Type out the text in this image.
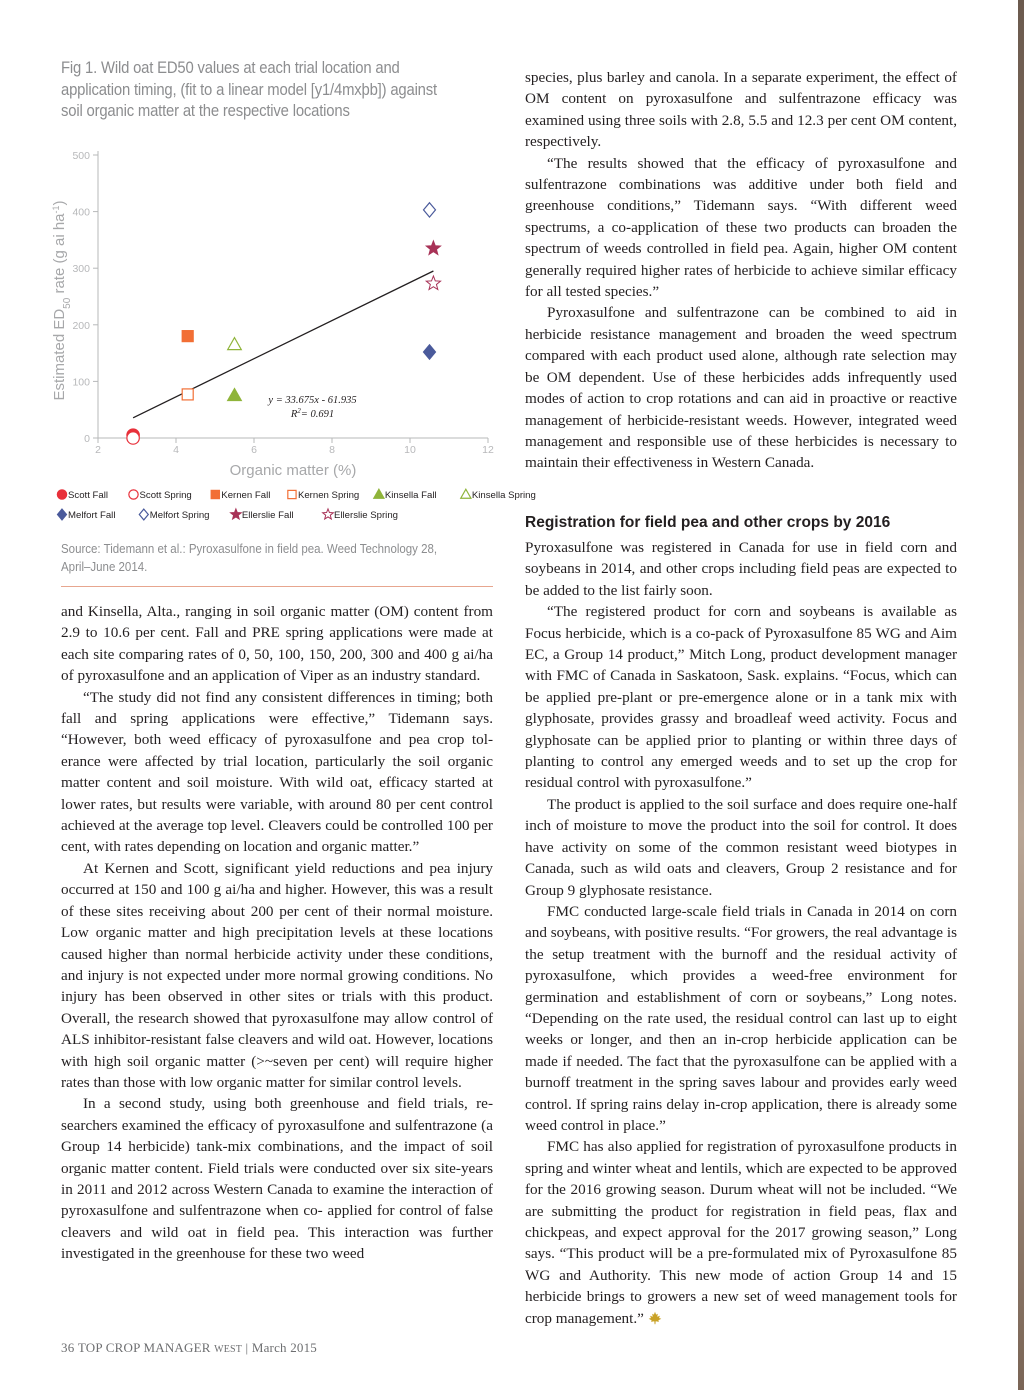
Fig 1. Wild oat ED50 values at each trial location and application timing, (fit to a linear model [y1/4mxþb]) against soil organic matter at the respective locations

0
100
200
300
400
500
2	4	6	8	10	12
Organic matter (%)
Estimated $ED_{50}$ rate (g ai $ha^{-1}$)
y = 33.675x - 61.935
$R^2= 0.691$
Scott Fall	Scott Spring	Kernen Fall	Kernen Spring	Kinsella Fall	Kinsella Spring
Melfort Fall	Melfort Spring	Ellerslie Fall	Ellerslie Spring
Source: Tidemann et al.: Pyroxasulfone in field pea. Weed Technology 28, April–June 2014.

and Kinsella, Alta., ranging in soil organic matter (OM) content from 2.9 to 10.6 per cent. Fall and PRE spring applications were made at each site comparing rates of 0, 50, 100, 150, 200, 300 and 400 g ai/ha of pyroxasulfone and an application of Viper as an industry standard.

“The study did not find any consistent differences in timing; both fall and spring applications were effective,” Tidemann says. “However, both weed efficacy of pyroxasulfone and pea crop tolerance were affected by trial location, particularly the soil organic matter content and soil moisture. With wild oat, efficacy started at lower rates, but results were variable, with around 80 per cent control achieved at the average top level. Cleavers could be controlled 100 per cent, with rates depending on location and organic matter.”

At Kernen and Scott, significant yield reductions and pea injury occurred at 150 and 100 g ai/ha and higher. However, this was a result of these sites receiving about 200 per cent of their normal moisture. Low organic matter and high precipitation levels at these locations caused higher than normal herbicide activity under these conditions, and injury is not expected under more normal growing conditions. No injury has been observed in other sites or trials with this product. Overall, the research showed that pyroxasulfone may allow control of ALS inhibitor-resistant false cleavers and wild oat. However, locations with high soil organic matter (>~seven per cent) will require higher rates than those with low organic matter for similar control levels.

In a second study, using both greenhouse and field trials, researchers examined the efficacy of pyroxasulfone and sulfentrazone (a Group 14 herbicide) tank-mix combinations, and the impact of soil organic matter content. Field trials were conducted over six site-years in 2011 and 2012 across Western Canada to examine the interaction of pyroxasulfone and sulfentrazone when co- applied for control of false cleavers and wild oat in field pea. This interaction was further investigated in the greenhouse for these two weed

species, plus barley and canola. In a separate experiment, the effect of OM content on pyroxasulfone and sulfentrazone efficacy was examined using three soils with 2.8, 5.5 and 12.3 per cent OM content, respectively.

“The results showed that the efficacy of pyroxasulfone and sulfentrazone combinations was additive under both field and greenhouse conditions,” Tidemann says. “With different weed spectrums, a co-application of these two products can broaden the spectrum of weeds controlled in field pea. Again, higher OM content generally required higher rates of herbicide to achieve similar efficacy for all tested species.”

Pyroxasulfone and sulfentrazone can be combined to aid in herbicide resistance management and broaden the weed spectrum compared with each product used alone, although rate selection may be OM dependent. Use of these herbicides adds infrequently used modes of action to crop rotations and can aid in proactive or reactive management of herbicide-resistant weeds. However, integrated weed management and responsible use of these herbicides is necessary to maintain their effectiveness in Western Canada.

Registration for field pea and other crops by 2016

Pyroxasulfone was registered in Canada for use in field corn and soybeans in 2014, and other crops including field peas are expected to be added to the list fairly soon.

“The registered product for corn and soybeans is available as Focus herbicide, which is a co-pack of Pyroxasulfone 85 WG and Aim EC, a Group 14 product,” Mitch Long, product development manager with FMC of Canada in Saskatoon, Sask. explains. “Focus, which can be applied pre-plant or pre-emergence alone or in a tank mix with glyphosate, provides grassy and broadleaf weed activity. Focus and glyphosate can be applied prior to planting or within three days of planting to control any emerged weeds and to set up the crop for residual control with pyroxasulfone.”

The product is applied to the soil surface and does require one-half inch of moisture to move the product into the soil for control. It does have activity on some of the common resistant weed biotypes in Canada, such as wild oats and cleavers, Group 2 resistance and for Group 9 glyphosate resistance.

FMC conducted large-scale field trials in Canada in 2014 on corn and soybeans, with positive results. “For growers, the real advantage is the setup treatment with the burnoff and the residual activity of pyroxasulfone, which provides a weed-free environment for germination and establishment of corn or soybeans,” Long notes. “Depending on the rate used, the residual control can last up to eight weeks or longer, and then an in-crop herbicide application can be made if needed. The fact that the pyroxasulfone can be applied with a burnoff treatment in the spring saves labour and provides early weed control. If spring rains delay in-crop application, there is already some weed control in place.”

FMC has also applied for registration of pyroxasulfone products in spring and winter wheat and lentils, which are expected to be approved for the 2016 growing season. Durum wheat will not be included. “We are submitting the product for registration in field peas, flax and chickpeas, and expect approval for the 2017 growing season,” Long says. “This product will be a pre-formulated mix of Pyroxasulfone 85 WG and Authority. This new mode of action Group 14 and 15 herbicide brings to growers a new set of weed management tools for crop management.”

36 TOP CROP MANAGER WEST | March 2015
